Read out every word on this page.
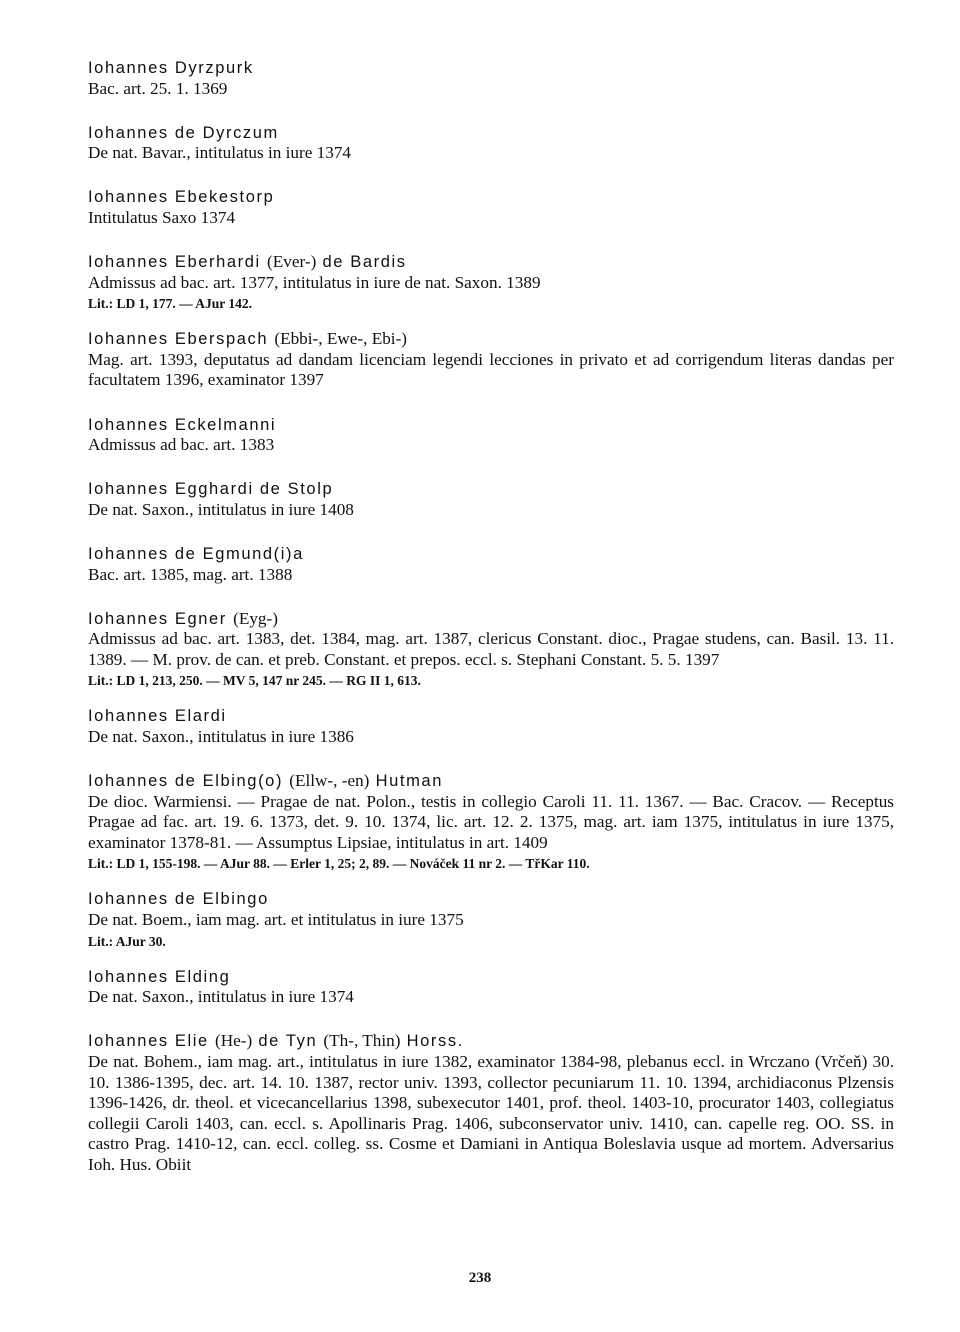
Iohannes Dyrzpurk

Bac. art. 25. 1. 1369

Iohannes de Dyrczum

De nat. Bavar., intitulatus in iure 1374

Iohannes Ebekestorp

Intitulatus Saxo 1374

Iohannes Eberhardi (Ever-) de Bardis

Admissus ad bac. art. 1377, intitulatus in iure de nat. Saxon. 1389

Lit.: LD 1, 177. — AJur 142.
Iohannes Eberspach (Ebbi-, Ewe-, Ebi-)

Mag. art. 1393, deputatus ad dandam licenciam legendi lecciones in privato et ad corrigendum literas dandas per facultatem 1396, examinator 1397

Iohannes Eckelmanni

Admissus ad bac. art. 1383

Iohannes Egghardi de Stolp

De nat. Saxon., intitulatus in iure 1408

Iohannes de Egmund(i)a

Bac. art. 1385, mag. art. 1388

Iohannes Egner (Eyg-)

Admissus ad bac. art. 1383, det. 1384, mag. art. 1387, clericus Constant. dioc., Pragae studens, can. Basil. 13. 11. 1389. — M. prov. de can. et preb. Constant. et prepos. eccl. s. Stephani Constant. 5. 5. 1397

Lit.: LD 1, 213, 250. — MV 5, 147 nr 245. — RG II 1, 613.
Iohannes Elardi

De nat. Saxon., intitulatus in iure 1386

Iohannes de Elbing(o) (Ellw-, -en) Hutman

De dioc. Warmiensi. — Pragae de nat. Polon., testis in collegio Caroli 11. 11. 1367. — Bac. Cracov. — Receptus Pragae ad fac. art. 19. 6. 1373, det. 9. 10. 1374, lic. art. 12. 2. 1375, mag. art. iam 1375, intitulatus in iure 1375, examinator 1378-81. — Assumptus Lipsiae, intitulatus in art. 1409

Lit.: LD 1, 155-198. — AJur 88. — Erler 1, 25; 2, 89. — Nováček 11 nr 2. — TřKar 110.
Iohannes de Elbingo

De nat. Boem., iam mag. art. et intitulatus in iure 1375

Lit.: AJur 30.
Iohannes Elding

De nat. Saxon., intitulatus in iure 1374

Iohannes Elie (He-) de Tyn (Th-, Thin) Horss.

De nat. Bohem., iam mag. art., intitulatus in iure 1382, examinator 1384-98, plebanus eccl. in Wrczano (Vrčeň) 30. 10. 1386-1395, dec. art. 14. 10. 1387, rector univ. 1393, collector pecuniarum 11. 10. 1394, archidiaconus Plzensis 1396-1426, dr. theol. et vicecancellarius 1398, subexecutor 1401, prof. theol. 1403-10, procurator 1403, collegiatus collegii Caroli 1403, can. eccl. s. Apollinaris Prag. 1406, subconservator univ. 1410, can. capelle reg. OO. SS. in castro Prag. 1410-12, can. eccl. colleg. ss. Cosme et Damiani in Antiqua Boleslavia usque ad mortem. Adversarius Ioh. Hus. Obiit

238
